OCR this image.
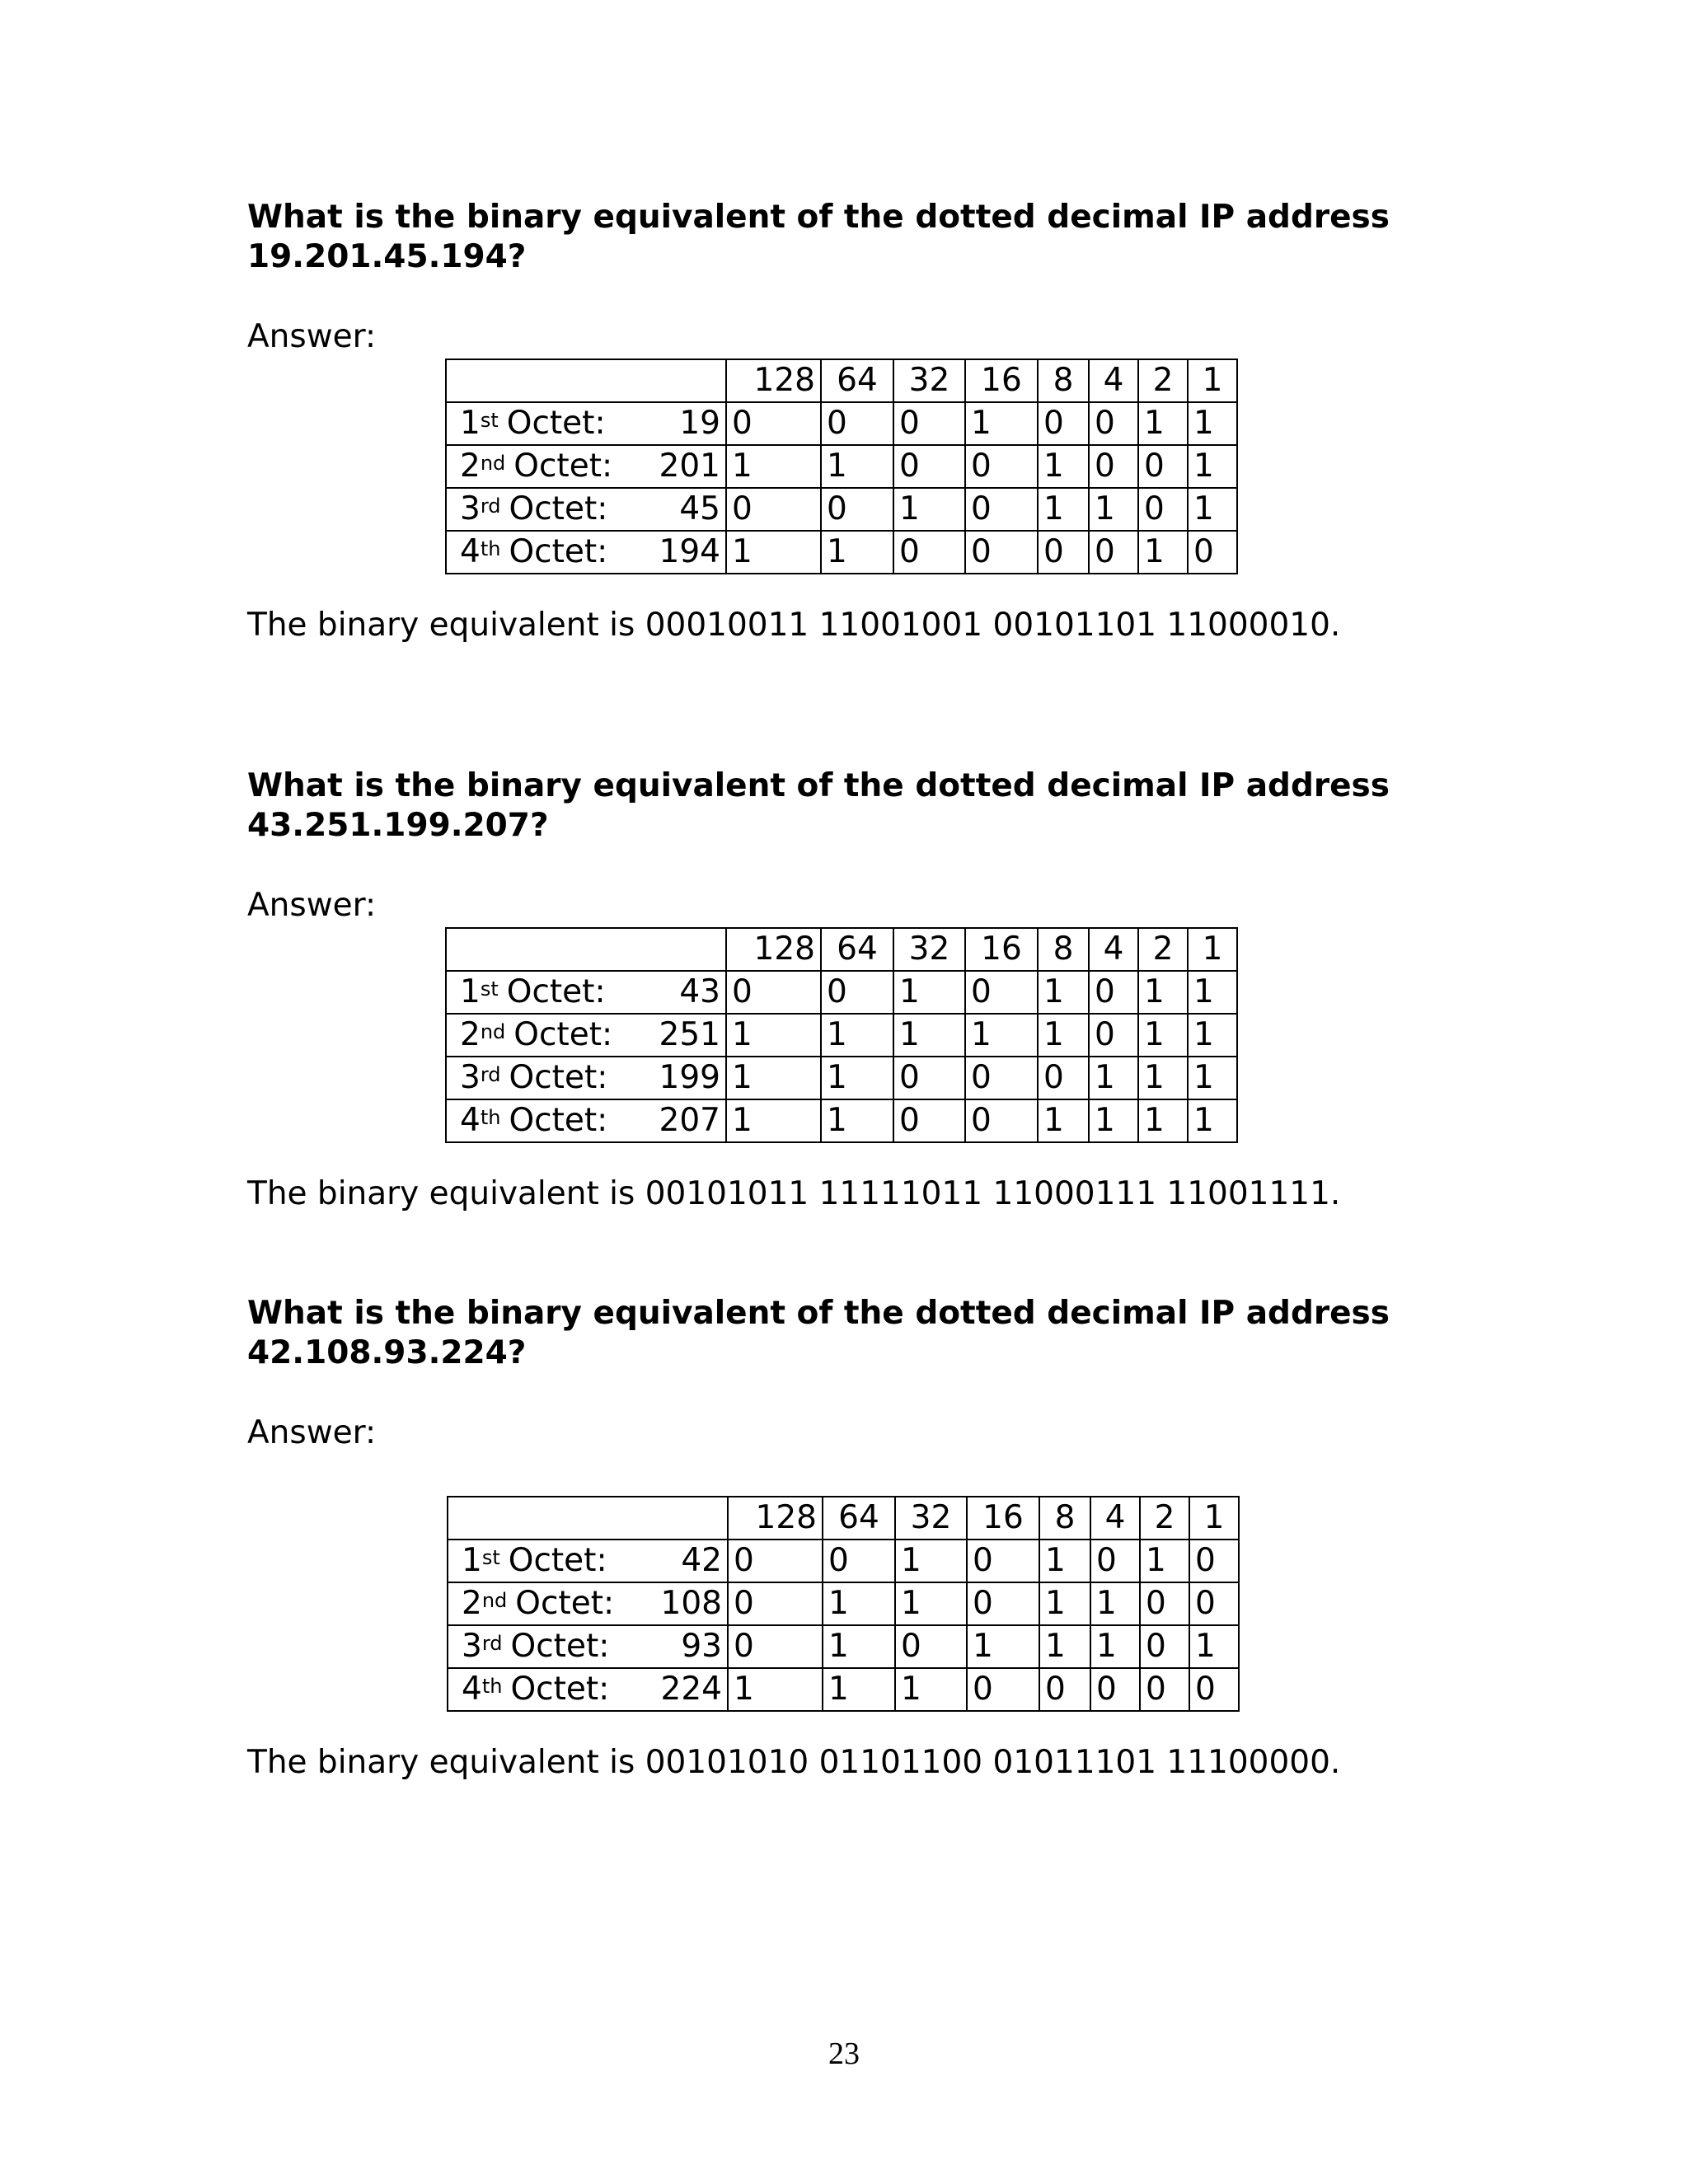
What is the binary equivalent of the dotted decimal IP address
19.201.45.194?

Answer:
	128	64	32	16	8	4	2	1
1st Octet: 19	0	0	0	1	0	0	1	1
2nd Octet: 201	1	1	0	0	1	0	0	1
3rd Octet: 45	0	0	1	0	1	1	0	1
4th Octet: 194	1	1	0	0	0	0	1	0

The binary equivalent is 00010011 11001001 00101101 11000010.

What is the binary equivalent of the dotted decimal IP address
43.251.199.207?

Answer:
	128	64	32	16	8	4	2	1
1st Octet: 43	0	0	1	0	1	0	1	1
2nd Octet: 251	1	1	1	1	1	0	1	1
3rd Octet: 199	1	1	0	0	0	1	1	1
4th Octet: 207	1	1	0	0	1	1	1	1

The binary equivalent is 00101011 11111011 11000111 11001111.

What is the binary equivalent of the dotted decimal IP address
42.108.93.224?

Answer:
	128	64	32	16	8	4	2	1
1st Octet: 42	0	0	1	0	1	0	1	0
2nd Octet: 108	0	1	1	0	1	1	0	0
3rd Octet: 93	0	1	0	1	1	1	0	1
4th Octet: 224	1	1	1	0	0	0	0	0

The binary equivalent is 00101010 01101100 01011101 11100000.

23
